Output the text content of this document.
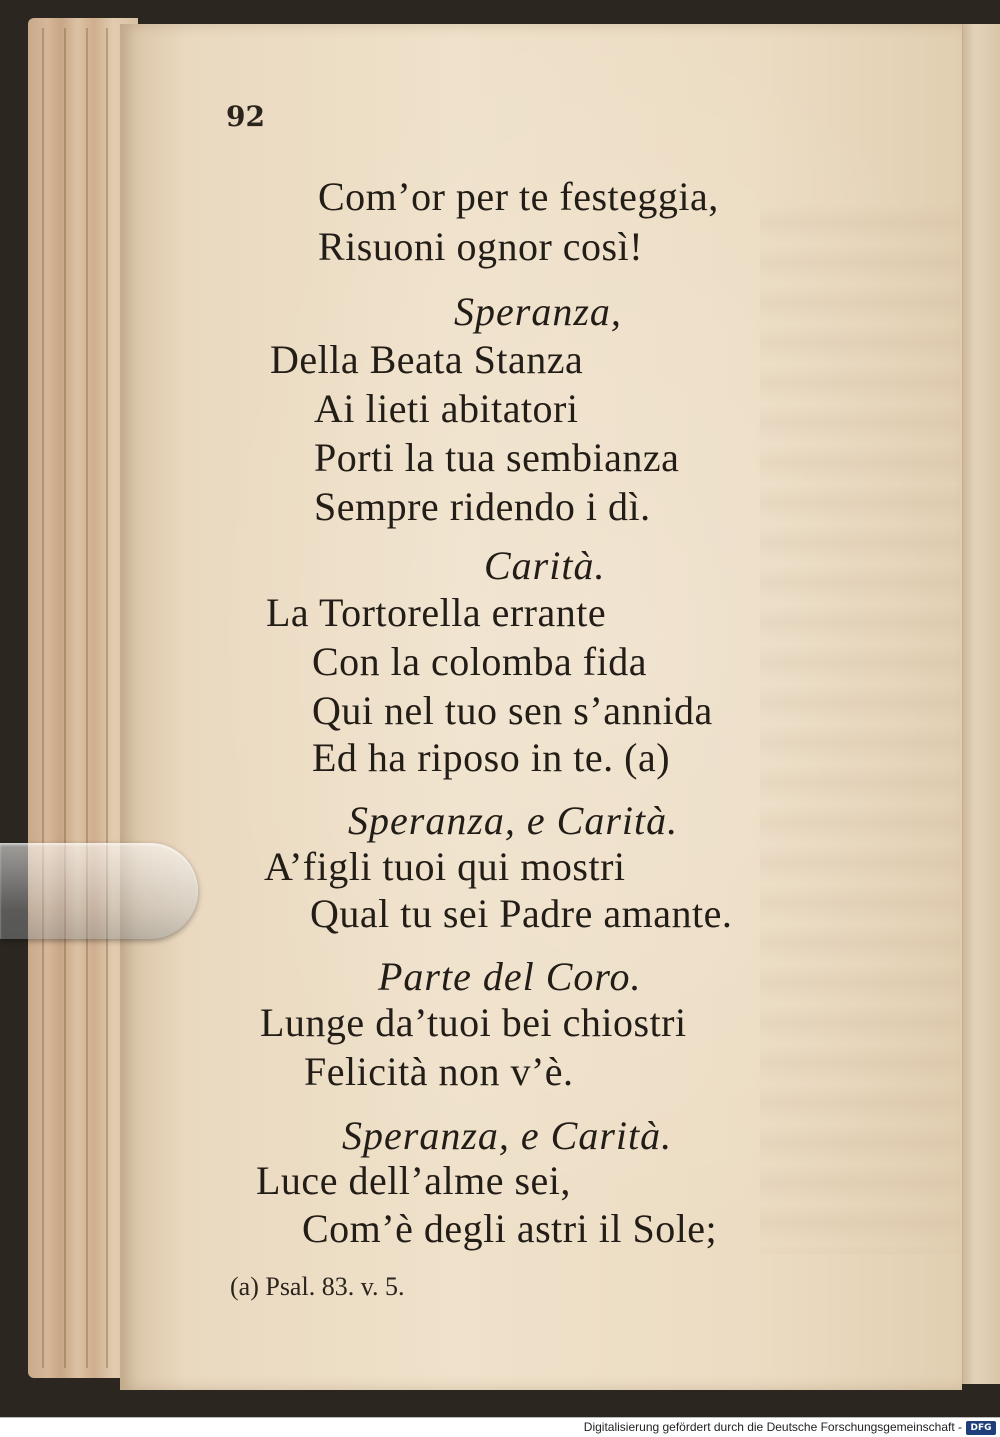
92
Com’or per te festeggia,
Risuoni ognor così!
Speranza,
Della Beata Stanza
Ai lieti abitatori
Porti la tua sembianza
Sempre ridendo i dì.
Carità.
La Tortorella errante
Con la colomba fida
Qui nel tuo sen s’annida
Ed ha riposo in te. (a)
Speranza, e Carità.
A’figli tuoi qui mostri
Qual tu sei Padre amante.
Parte del Coro.
Lunge da’tuoi bei chiostri
Felicità non v’è.
Speranza, e Carità.
Luce dell’alme sei,
Com’è degli astri il Sole;
(a) Psal. 83. v. 5.
Digitalisierung gefördert durch die Deutsche Forschungsgemeinschaft - DFG
